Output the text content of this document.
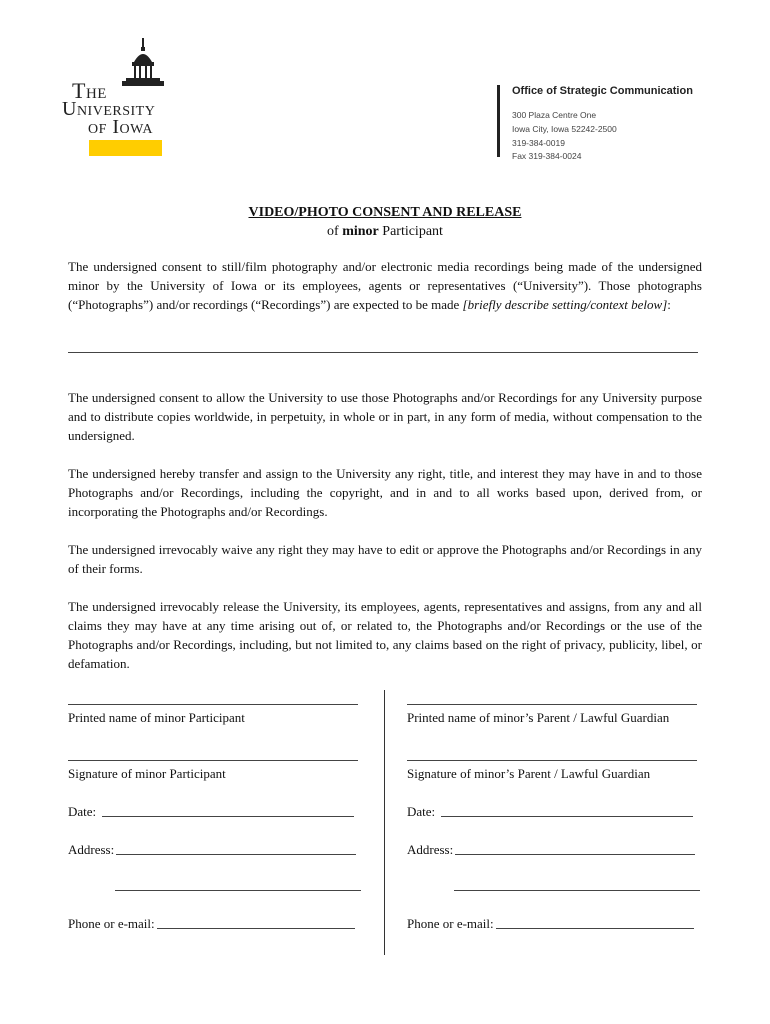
The
University
of Iowa
Office of Strategic Communication
300 Plaza Centre One
Iowa City, Iowa 52242-2500
319-384-0019
Fax 319-384-0024
VIDEO/PHOTO CONSENT AND RELEASE
of minor Participant
The undersigned consent to still/film photography and/or electronic media recordings being made of the undersigned minor by the University of Iowa or its employees, agents or representatives (“University”). Those photographs (“Photographs”) and/or recordings (“Recordings”) are expected to be made [briefly describe setting/context below]:
The undersigned consent to allow the University to use those Photographs and/or Recordings for any University purpose and to distribute copies worldwide, in perpetuity, in whole or in part, in any form of media, without compensation to the undersigned.
The undersigned hereby transfer and assign to the University any right, title, and interest they may have in and to those Photographs and/or Recordings, including the copyright, and in and to all works based upon, derived from, or incorporating the Photographs and/or Recordings.
The undersigned irrevocably waive any right they may have to edit or approve the Photographs and/or Recordings in any of their forms.
The undersigned irrevocably release the University, its employees, agents, representatives and assigns, from any and all claims they may have at any time arising out of, or related to, the Photographs and/or Recordings or the use of the Photographs and/or Recordings, including, but not limited to, any claims based on the right of privacy, publicity, libel, or defamation.
Printed name of minor Participant
Signature of minor Participant
Date:
Address:
Phone or e-mail:
Printed name of minor’s Parent / Lawful Guardian
Signature of minor’s Parent / Lawful Guardian
Date:
Address:
Phone or e-mail:
